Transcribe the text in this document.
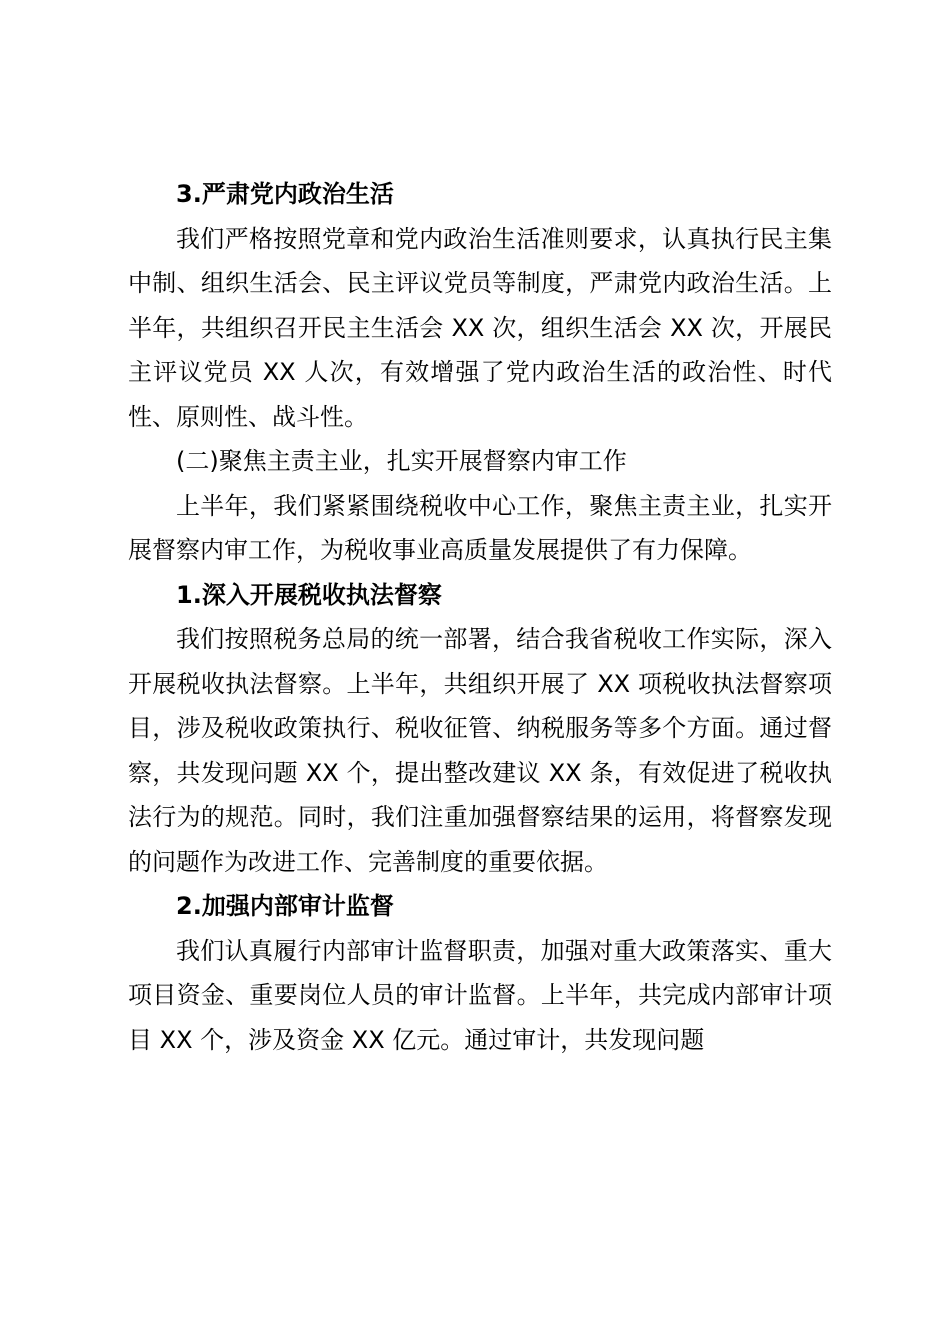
3.严肃党内政治生活

我们严格按照党章和党内政治生活准则要求，认真执行民主集中制、组织生活会、民主评议党员等制度，严肃党内政治生活。上半年，共组织召开民主生活会 XX 次，组织生活会 XX 次，开展民主评议党员 XX 人次，有效增强了党内政治生活的政治性、时代性、原则性、战斗性。

(二)聚焦主责主业，扎实开展督察内审工作

上半年，我们紧紧围绕税收中心工作，聚焦主责主业，扎实开展督察内审工作，为税收事业高质量发展提供了有力保障。

1.深入开展税收执法督察

我们按照税务总局的统一部署，结合我省税收工作实际，深入开展税收执法督察。上半年，共组织开展了 XX 项税收执法督察项目，涉及税收政策执行、税收征管、纳税服务等多个方面。通过督察，共发现问题 XX 个，提出整改建议 XX 条，有效促进了税收执法行为的规范。同时，我们注重加强督察结果的运用，将督察发现的问题作为改进工作、完善制度的重要依据。

2.加强内部审计监督

我们认真履行内部审计监督职责，加强对重大政策落实、重大项目资金、重要岗位人员的审计监督。上半年，共完成内部审计项目 XX 个，涉及资金 XX 亿元。通过审计，共发现问题
